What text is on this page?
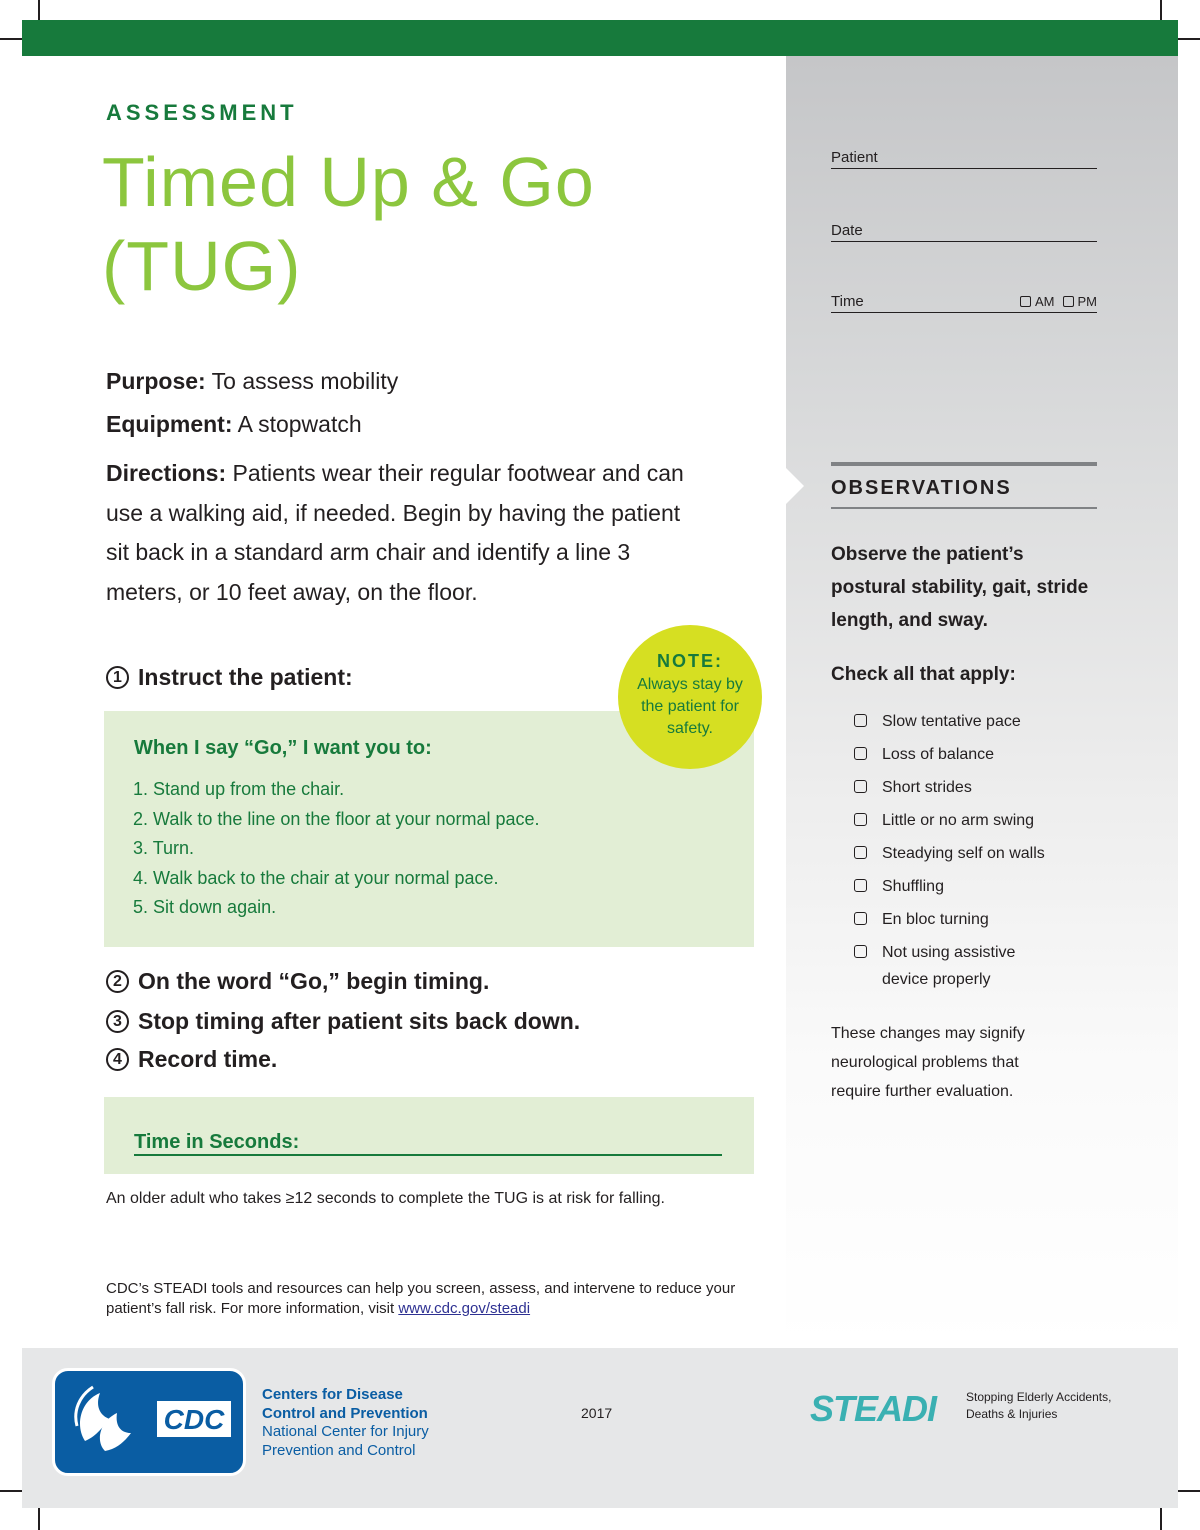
ASSESSMENT
Timed Up & Go
(TUG)
Purpose: To assess mobility
Equipment: A stopwatch
Directions: Patients wear their regular footwear and can use a walking aid, if needed. Begin by having the patient sit back in a standard arm chair and identify a line 3 meters, or 10 feet away, on the floor.
1 Instruct the patient:
When I say “Go,” I want you to:
1. Stand up from the chair.
2. Walk to the line on the floor at your normal pace.
3. Turn.
4. Walk back to the chair at your normal pace.
5. Sit down again.
NOTE:
Always stay by the patient for safety.
2 On the word “Go,” begin timing.
3 Stop timing after patient sits back down.
4 Record time.
Time in Seconds:
An older adult who takes ≥12 seconds to complete the TUG is at risk for falling.
CDC’s STEADI tools and resources can help you screen, assess, and intervene to reduce your patient’s fall risk. For more information, visit www.cdc.gov/steadi
Patient
Date
Time	AM PM
OBSERVATIONS
Observe the patient’s postural stability, gait, stride length, and sway.
Check all that apply:
Slow tentative pace
Loss of balance
Short strides
Little or no arm swing
Steadying self on walls
Shuffling
En bloc turning
Not using assistive device properly
These changes may signify neurological problems that require further evaluation.
CDC
Centers for Disease
Control and Prevention
National Center for Injury
Prevention and Control
2017	STEADI Stopping Elderly Accidents,
Deaths & Injuries
